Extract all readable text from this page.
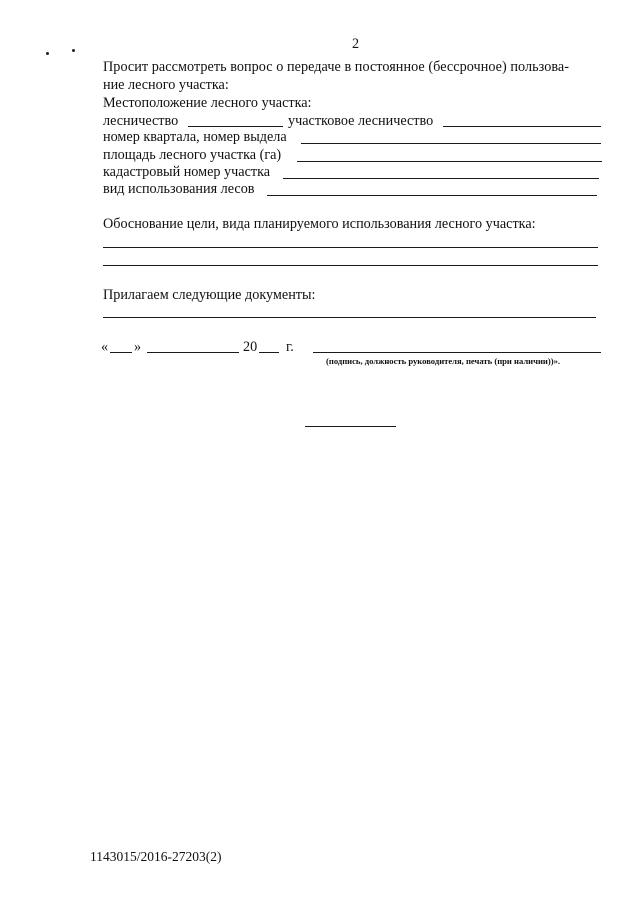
2
Просит рассмотреть вопрос о передаче в постоянное (бессрочное) пользова-
ние лесного участка:
Местоположение лесного участка:
лесничество	участковое лесничество
номер квартала, номер выдела
площадь лесного участка (га)
кадастровый номер участка
вид использования лесов
Обоснование цели, вида планируемого использования лесного участка:
Прилагаем следующие документы:
« »	20 г.
(подпись, должность руководителя, печать (при наличии))».
1143015/2016-27203(2)
